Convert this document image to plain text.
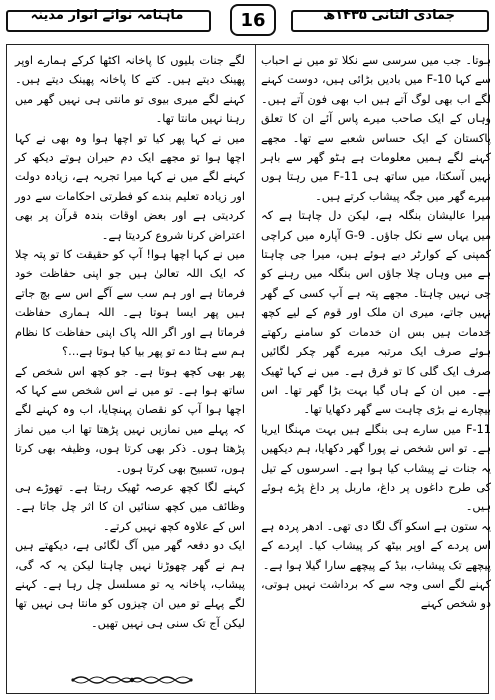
ماہنامہ نوائے انوار مدینہ	16	جمادی الثانی ۱۴۳۵ھ

ہوتا۔ جب میں سرسی سے نکلا تو میں نے احباب سے کہا F-10 میں بادیں بڑائی ہیں، دوست کہنے لگے اب بھی لوگ آتے ہیں اب بھی فون آتے ہیں۔ وہاں کے ایک صاحب میرے پاس آئے ان کا تعلق پاکستان کے ایک حساس شعبے سے تھا۔ مجھے کہنے لگے ہمیں معلومات ہے ہٹو گھر سے باہر نہیں آسکتا، میں ساتھ ہی F-11 میں رہتا ہوں میرے گھر میں جگہ پیشاب کرتے ہیں۔

میرا عالیشان بنگلہ ہے، لیکن دل چاہتا ہے کہ میں یہاں سے نکل جاؤں۔ G-9 آپارہ میں کراچی کمپنی کے کوارٹر دیے ہوئے ہیں، میرا جی چاہتا ہے میں وہاں چلا جاؤں اس بنگلہ میں رہنے کو جی نہیں چاہتا۔ مجھے پتہ ہے آپ کسی کے گھر نہیں جاتے، میری ان ملک اور قوم کے لیے کچھ خدمات ہیں بس ان خدمات کو سامنے رکھتے ہوئے صرف ایک مرتبہ میرے گھر چکر لگائیں صرف ایک گلی کا تو فرق ہے۔ میں نے کہا ٹھیک ہے۔ میں ان کے ہاں گیا بہت بڑا گھر تھا۔ اس بیچارے نے بڑی چاہت سے گھر دکھایا تھا۔

F-11 میں سارے ہی بنگلے ہیں بہت مہنگا ایریا ہے۔ تو اس شخص نے پورا گھر دکھایا، ہم دیکھیں یہ جنات نے پیشاب کیا ہوا ہے۔ اسرسوں کے تیل کی طرح داغوں پر داغ، ماربل پر داغ پڑے ہوئے ہیں۔

یہ ستون ہے اسکو آگ لگا دی تھی۔ ادھر پردہ ہے اس پردے کے اوپر بیٹھ کر پیشاب کیا۔ اپردے کے پیچھے تک پیشاب، بیڈ کے پیچھے سارا گیلا ہوا ہے۔

کہنے لگے اسی وجہ سے کہ برداشت نہیں ہوتی، دو شخص کہنے

لگے جنات بلیوں کا پاخانہ اکٹھا کرکے ہمارے اوپر پھینک دیتے ہیں۔ کتے کا پاخانہ پھینک دیتے ہیں۔ کہنے لگے میری بیوی تو مانتی ہی نہیں گھر میں رہنا نہیں مانتا تھا۔

میں نے کہا پھر کیا تو اچھا ہوا وہ بھی نے کہا اچھا ہوا تو مجھے ایک دم حیران ہوتے دیکھ کر کہنے لگے میں نے کہا میرا تجربہ ہے، زیادہ دولت اور زیادہ تعلیم بندے کو فطرتی احکامات سے دور کردیتی ہے اور بعض اوقات بندہ قرآن پر بھی اعتراض کرنا شروع کردیتا ہے۔

میں نے کہا اچھا ہوا! آپ کو حقیقت کا تو پتہ چلا کہ ایک اللہ تعالیٰ ہیں جو اپنی حفاظت خود فرماتا ہے اور ہم سب سے آگے اس سے بچ جاتے ہیں پھر ایسا ہوتا ہے۔ اللہ ہماری حفاظت فرماتا ہے اور اگر اللہ پاک اپنی حفاظت کا نظام ہم سے ہٹا دے تو پھر بیا کیا ہوتا ہے…؟

پھر بھی کچھ ہوتا ہے۔ جو کچھ اس شخص کے ساتھ ہوا ہے۔ تو میں نے اس شخص سے کہا کہ اچھا ہوا آپ کو نقصان پہنچایا، اب وہ کہنے لگے کہ پہلے میں نمازیں نہیں پڑھتا تھا اب میں نماز پڑھتا ہوں۔ ذکر بھی کرتا ہوں، وظیفہ بھی کرتا ہوں، تسبیح بھی کرتا ہوں۔

کہنے لگا کچھ عرصہ ٹھیک رہتا ہے۔ تھوڑے ہی وظائف میں کچھ سنائیں ان کا اثر چل جاتا ہے۔ اس کے علاوہ کچھ نہیں کرتے۔

ایک دو دفعہ گھر میں آگ لگائی ہے، دیکھتے ہیں ہم نے گھر چھوڑنا نہیں چاہتا لیکن یہ کہ گی، پیشاب، پاخانہ یہ تو مسلسل چل رہا ہے۔ کہنے لگے پہلے تو میں ان چیزوں کو مانتا ہی نہیں تھا لیکن آج تک سنی ہی نہیں تھیں۔
